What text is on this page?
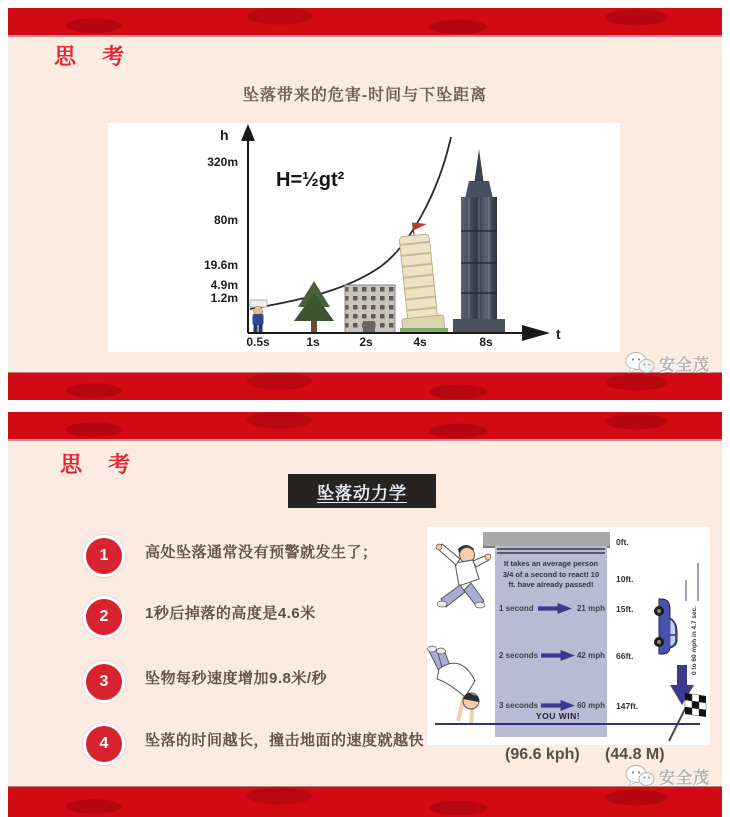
思 考
坠落带来的危害-时间与下坠距离
h
t
H=½gt²
320m
80m
19.6m
4.9m
1.2m
0.5s	1s	2s	4s	8s
安全茂
思 考
坠落动力学
1	高处坠落通常没有预警就发生了；
2	1秒后掉落的高度是4.6米
3	坠物每秒速度增加9.8米/秒
4	坠落的时间越长，撞击地面的速度就越快
It takes an average person 3/4 of a second to react! 10 ft. have already passed!
1 second	21 mph
2 seconds	42 mph
3 seconds	60 mph
YOU WIN!
0ft.
10ft.
15ft.
66ft.
147ft.
0 to 60 mph in 4.7 sec.
(96.6 kph) (44.8 M)
安全茂
